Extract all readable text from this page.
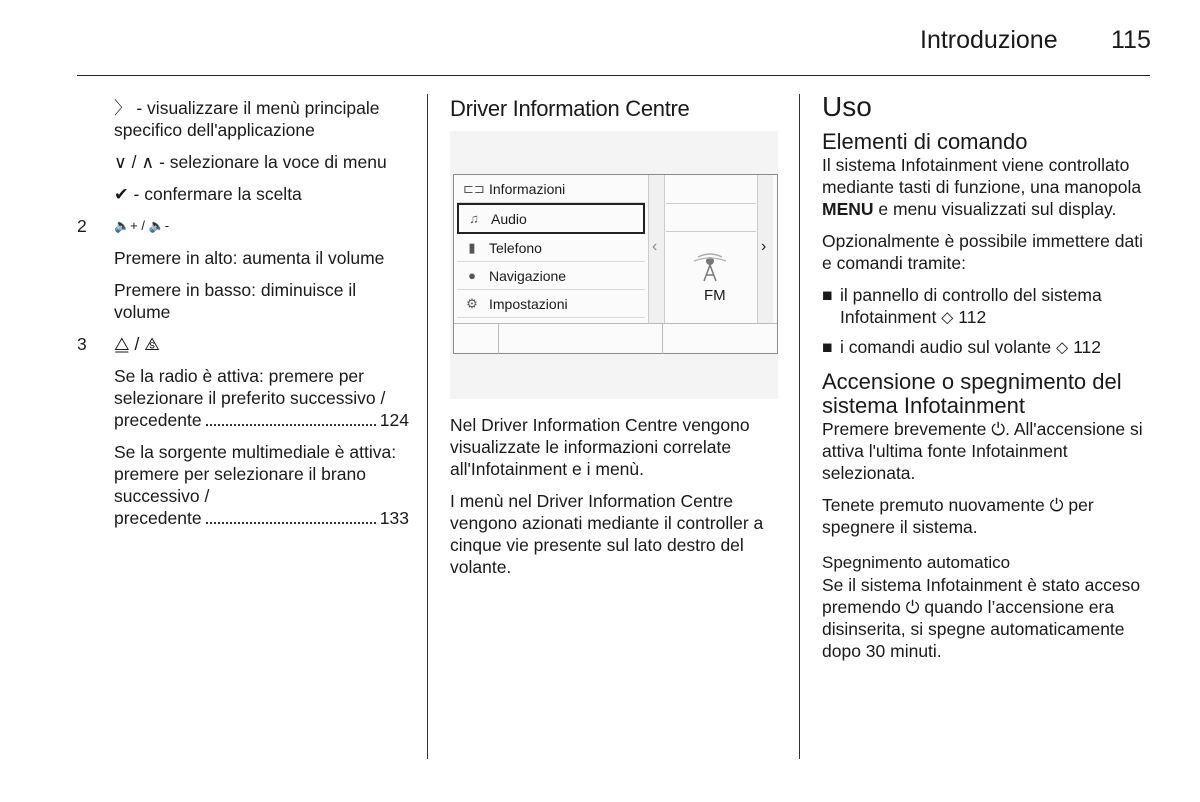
Introduzione 115

〉 - visualizzare il menù principale specifico dell'applicazione

∨ / ∧ - selezionare la voce di menu

✔ - confermare la scelta

2 🔈+ / 🔈-

Premere in alto: aumenta il volume

Premere in basso: diminuisce il volume

3 ⧋ / ⧌

Se la radio è attiva: premere per selezionare il preferito successivo /
precedente	124
Se la sorgente multimediale è attiva: premere per selezionare il brano successivo /
precedente	133
Driver Information Centre

Nel Driver Information Centre vengono visualizzate le informazioni correlate all'Infotainment e i menù.

I menù nel Driver Information Centre vengono azionati mediante il controller a cinque vie presente sul lato destro del volante.

⊏⊐ Informazioni
♫ Audio
▮ Telefono
● Navigazione
⚙ Impostazioni
‹
FM
›
Uso
Elementi di comando

Il sistema Infotainment viene controllato mediante tasti di funzione, una manopola MENU e menu visualizzati sul display.

Opzionalmente è possibile immettere dati e comandi tramite:

■ il pannello di controllo del sistema Infotainment ⬦ 112
■ i comandi audio sul volante ⬦ 112
Accensione o spegnimento del sistema Infotainment

Premere brevemente ⏻. All'accensione si attiva l'ultima fonte Infotainment selezionata.

Tenete premuto nuovamente ⏻ per spegnere il sistema.

Spegnimento automatico

Se il sistema Infotainment è stato acceso premendo ⏻ quando l’accensione era disinserita, si spegne automaticamente dopo 30 minuti.
